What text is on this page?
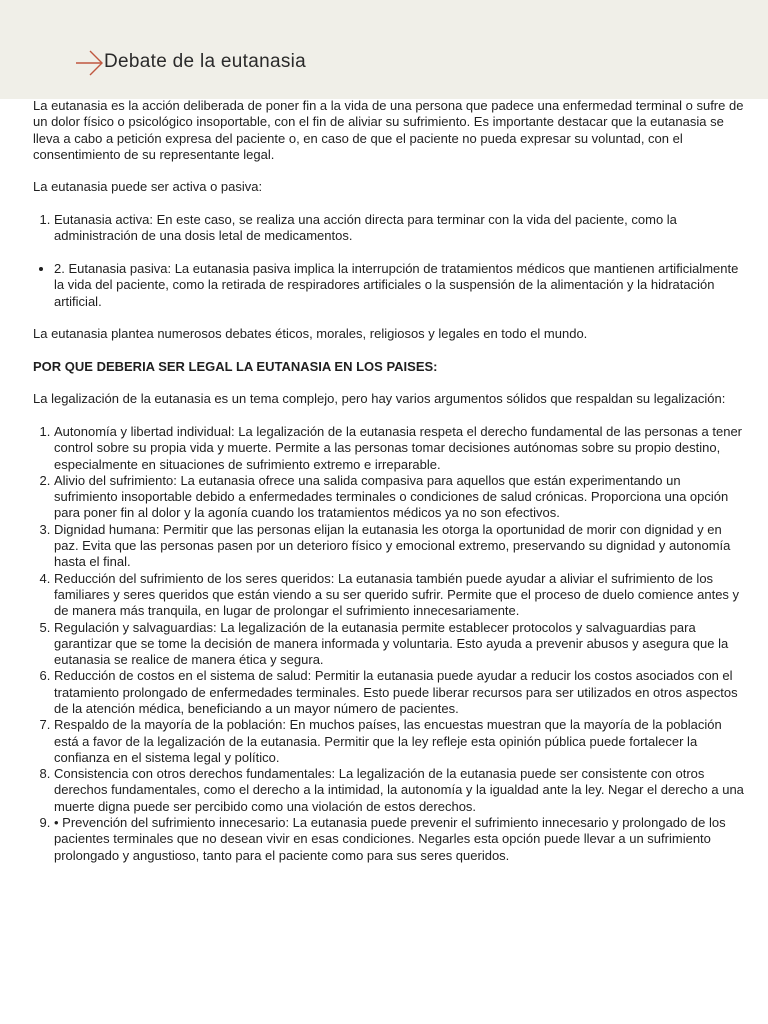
Debate de la eutanasia

La eutanasia es la acción deliberada de poner fin a la vida de una persona que padece una enfermedad terminal o sufre de un dolor físico o psicológico insoportable, con el fin de aliviar su sufrimiento. Es importante destacar que la eutanasia se lleva a cabo a petición expresa del paciente o, en caso de que el paciente no pueda expresar su voluntad, con el consentimiento de su representante legal.

La eutanasia puede ser activa o pasiva:

1. Eutanasia activa: En este caso, se realiza una acción directa para terminar con la vida del paciente, como la administración de una dosis letal de medicamentos.
• 2. Eutanasia pasiva: La eutanasia pasiva implica la interrupción de tratamientos médicos que mantienen artificialmente la vida del paciente, como la retirada de respiradores artificiales o la suspensión de la alimentación y la hidratación artificial.

La eutanasia plantea numerosos debates éticos, morales, religiosos y legales en todo el mundo.

POR QUE DEBERIA SER LEGAL LA EUTANASIA EN LOS PAISES:

La legalización de la eutanasia es un tema complejo, pero hay varios argumentos sólidos que respaldan su legalización:

1. Autonomía y libertad individual: La legalización de la eutanasia respeta el derecho fundamental de las personas a tener control sobre su propia vida y muerte. Permite a las personas tomar decisiones autónomas sobre su propio destino, especialmente en situaciones de sufrimiento extremo e irreparable.
2. Alivio del sufrimiento: La eutanasia ofrece una salida compasiva para aquellos que están experimentando un sufrimiento insoportable debido a enfermedades terminales o condiciones de salud crónicas. Proporciona una opción para poner fin al dolor y la agonía cuando los tratamientos médicos ya no son efectivos.
3. Dignidad humana: Permitir que las personas elijan la eutanasia les otorga la oportunidad de morir con dignidad y en paz. Evita que las personas pasen por un deterioro físico y emocional extremo, preservando su dignidad y autonomía hasta el final.
4. Reducción del sufrimiento de los seres queridos: La eutanasia también puede ayudar a aliviar el sufrimiento de los familiares y seres queridos que están viendo a su ser querido sufrir. Permite que el proceso de duelo comience antes y de manera más tranquila, en lugar de prolongar el sufrimiento innecesariamente.
5. Regulación y salvaguardias: La legalización de la eutanasia permite establecer protocolos y salvaguardias para garantizar que se tome la decisión de manera informada y voluntaria. Esto ayuda a prevenir abusos y asegura que la eutanasia se realice de manera ética y segura.
6. Reducción de costos en el sistema de salud: Permitir la eutanasia puede ayudar a reducir los costos asociados con el tratamiento prolongado de enfermedades terminales. Esto puede liberar recursos para ser utilizados en otros aspectos de la atención médica, beneficiando a un mayor número de pacientes.
7. Respaldo de la mayoría de la población: En muchos países, las encuestas muestran que la mayoría de la población está a favor de la legalización de la eutanasia. Permitir que la ley refleje esta opinión pública puede fortalecer la confianza en el sistema legal y político.
8. Consistencia con otros derechos fundamentales: La legalización de la eutanasia puede ser consistente con otros derechos fundamentales, como el derecho a la intimidad, la autonomía y la igualdad ante la ley. Negar el derecho a una muerte digna puede ser percibido como una violación de estos derechos.
9. • Prevención del sufrimiento innecesario: La eutanasia puede prevenir el sufrimiento innecesario y prolongado de los pacientes terminales que no desean vivir en esas condiciones. Negarles esta opción puede llevar a un sufrimiento prolongado y angustioso, tanto para el paciente como para sus seres queridos.
